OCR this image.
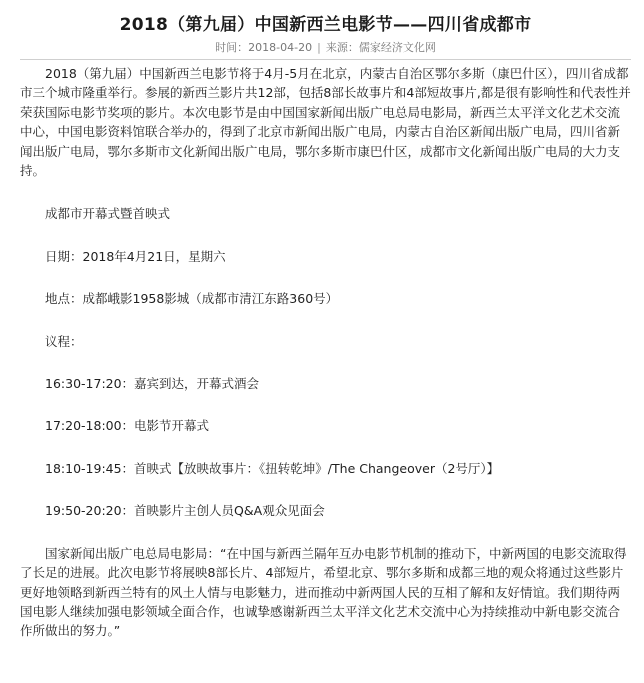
2018（第九届）中国新西兰电影节——四川省成都市
时间：2018-04-20 | 来源：儒家经济文化网

2018（第九届）中国新西兰电影节将于4月-5月在北京，内蒙古自治区鄂尔多斯（康巴什区），四川省成都市三个城市隆重举行。参展的新西兰影片共12部，包括8部长故事片和4部短故事片,都是很有影响性和代表性并荣获国际电影节奖项的影片。本次电影节是由中国国家新闻出版广电总局电影局，新西兰太平洋文化艺术交流中心，中国电影资料馆联合举办的，得到了北京市新闻出版广电局，内蒙古自治区新闻出版广电局，四川省新闻出版广电局，鄂尔多斯市文化新闻出版广电局，鄂尔多斯市康巴什区，成都市文化新闻出版广电局的大力支持。

成都市开幕式暨首映式

日期：2018年4月21日，星期六

地点：成都峨影1958影城（成都市清江东路360号）

议程：

16:30-17:20：嘉宾到达，开幕式酒会

17:20-18:00：电影节开幕式

18:10-19:45：首映式【放映故事片：《扭转乾坤》/The Changeover（2号厅）】

19:50-20:20：首映影片主创人员Q&A观众见面会

国家新闻出版广电总局电影局：“在中国与新西兰隔年互办电影节机制的推动下，中新两国的电影交流取得了长足的进展。此次电影节将展映8部长片、4部短片，希望北京、鄂尔多斯和成都三地的观众将通过这些影片更好地领略到新西兰特有的风土人情与电影魅力，进而推动中新两国人民的互相了解和友好情谊。我们期待两国电影人继续加强电影领域全面合作，也诚挚感谢新西兰太平洋文化艺术交流中心为持续推动中新电影交流合作所做出的努力。”
